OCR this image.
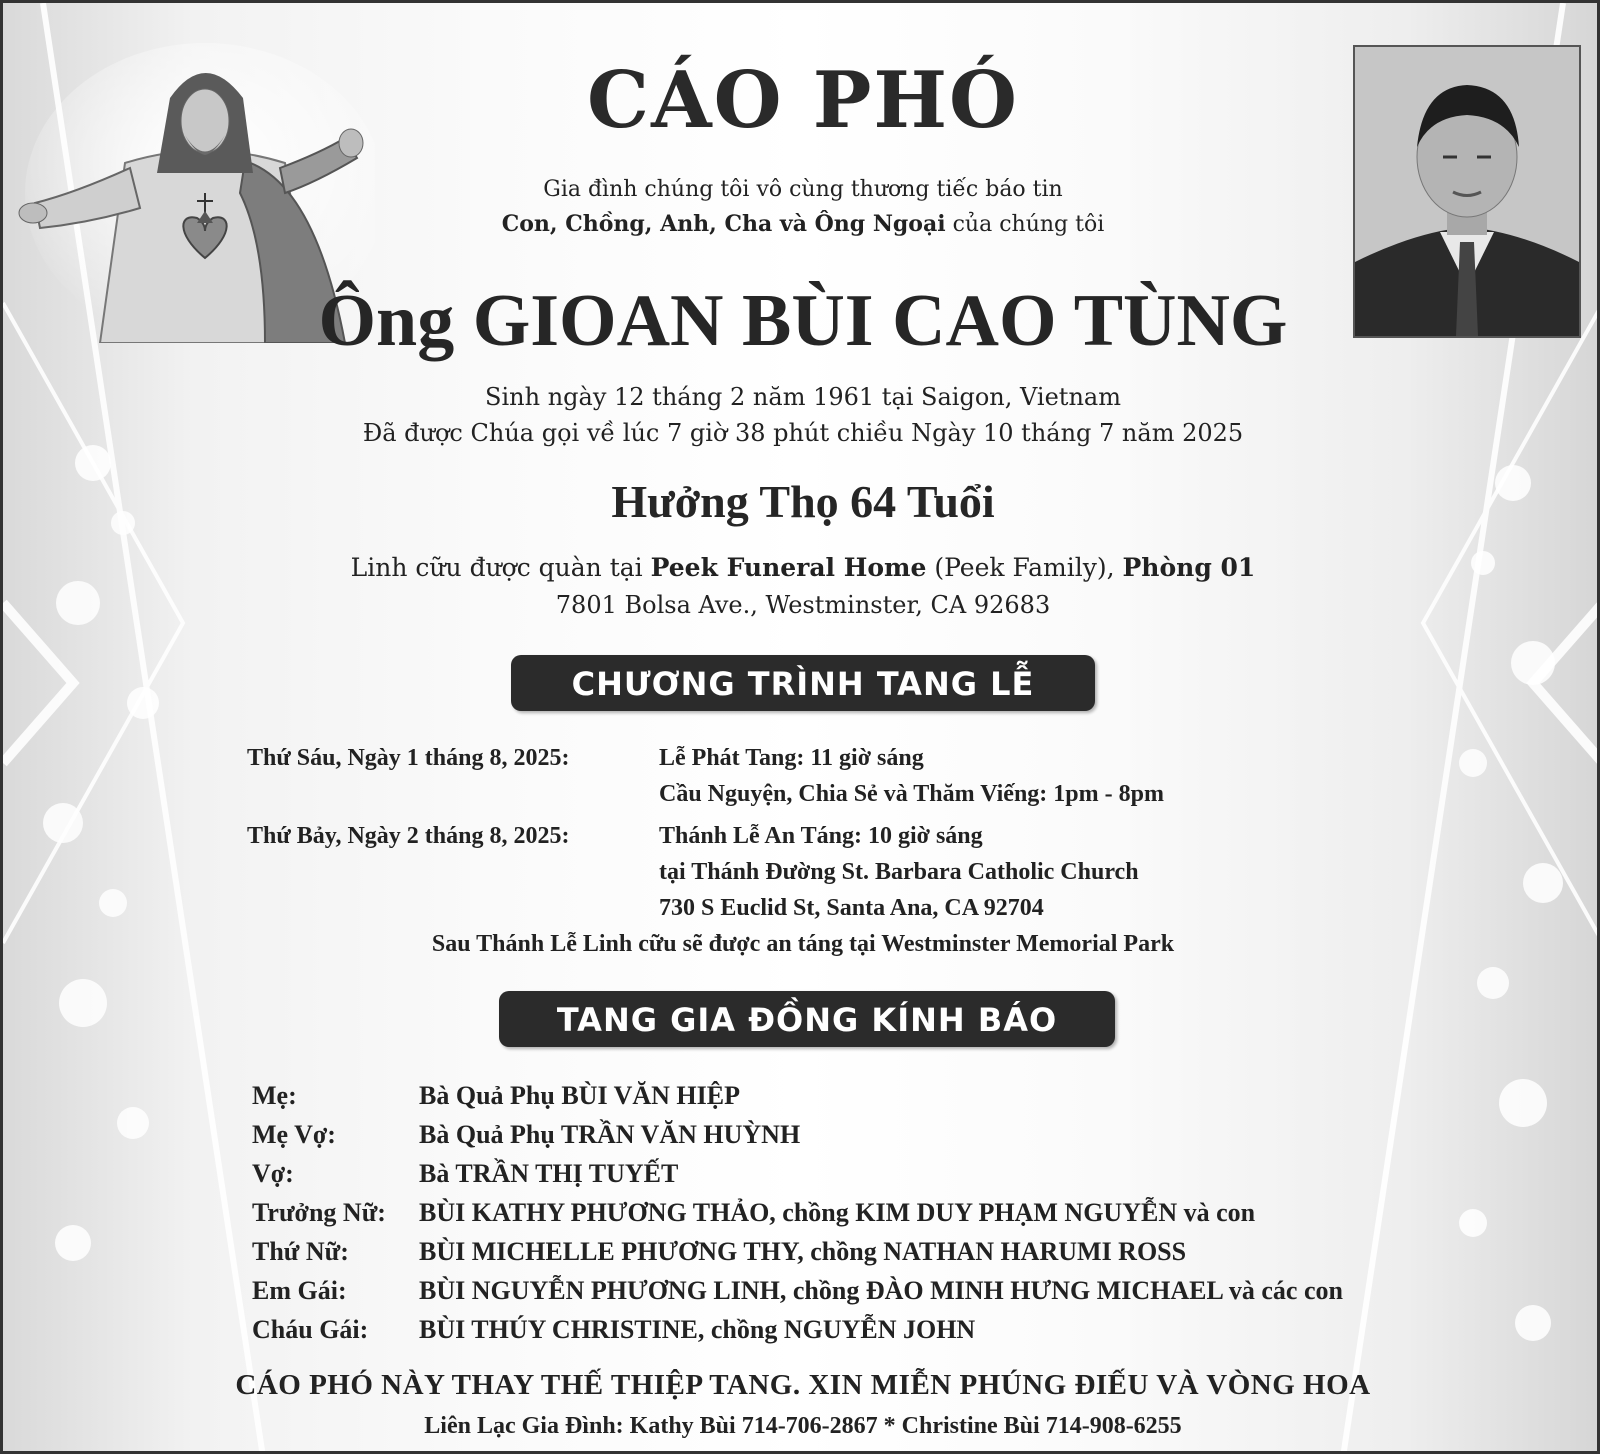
CÁO PHÓ
Gia đình chúng tôi vô cùng thương tiếc báo tin
Con, Chồng, Anh, Cha và Ông Ngoại của chúng tôi
Ông GIOAN BÙI CAO TÙNG
Sinh ngày 12 tháng 2 năm 1961 tại Saigon, Vietnam
Đã được Chúa gọi về lúc 7 giờ 38 phút chiều Ngày 10 tháng 7 năm 2025
Hưởng Thọ 64 Tuổi
Linh cữu được quàn tại Peek Funeral Home (Peek Family), Phòng 01
7801 Bolsa Ave., Westminster, CA 92683
CHƯƠNG TRÌNH TANG LỄ
Thứ Sáu, Ngày 1 tháng 8, 2025:	Lễ Phát Tang: 11 giờ sáng
Cầu Nguyện, Chia Sẻ và Thăm Viếng: 1pm - 8pm
Thứ Bảy, Ngày 2 tháng 8, 2025:	Thánh Lễ An Táng: 10 giờ sáng
tại Thánh Đường St. Barbara Catholic Church
730 S Euclid St, Santa Ana, CA 92704
Sau Thánh Lễ Linh cữu sẽ được an táng tại Westminster Memorial Park
TANG GIA ĐỒNG KÍNH BÁO
Mẹ:	Bà Quả Phụ BÙI VĂN HIỆP
Mẹ Vợ:	Bà Quả Phụ TRẦN VĂN HUỲNH
Vợ:	Bà TRẦN THỊ TUYẾT
Trưởng Nữ: BÙI KATHY PHƯƠNG THẢO, chồng KIM DUY PHẠM NGUYỄN và con
Thứ Nữ:	BÙI MICHELLE PHƯƠNG THY, chồng NATHAN HARUMI ROSS
Em Gái:	BÙI NGUYỄN PHƯƠNG LINH, chồng ĐÀO MINH HƯNG MICHAEL và các con
Cháu Gái: BÙI THÚY CHRISTINE, chồng NGUYỄN JOHN
CÁO PHÓ NÀY THAY THẾ THIỆP TANG. XIN MIỄN PHÚNG ĐIẾU VÀ VÒNG HOA
Liên Lạc Gia Đình: Kathy Bùi 714-706-2867 * Christine Bùi 714-908-6255
